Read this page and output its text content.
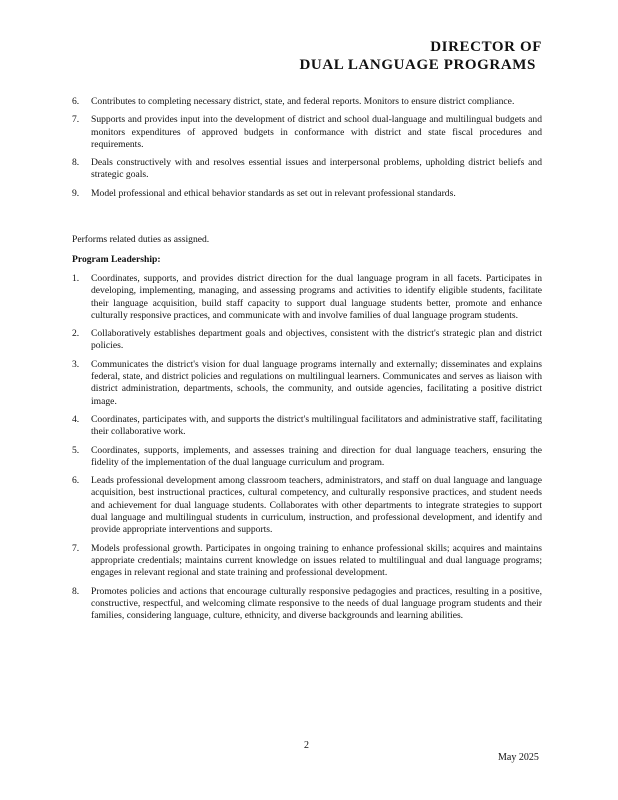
DIRECTOR OF
DUAL LANGUAGE PROGRAMS
6. Contributes to completing necessary district, state, and federal reports. Monitors to ensure district compliance.
7. Supports and provides input into the development of district and school dual-language and multilingual budgets and monitors expenditures of approved budgets in conformance with district and state fiscal procedures and requirements.
8. Deals constructively with and resolves essential issues and interpersonal problems, upholding district beliefs and strategic goals.
9. Model professional and ethical behavior standards as set out in relevant professional standards.

Performs related duties as assigned.

Program Leadership:

1. Coordinates, supports, and provides district direction for the dual language program in all facets. Participates in developing, implementing, managing, and assessing programs and activities to identify eligible students, facilitate their language acquisition, build staff capacity to support dual language students better, promote and enhance culturally responsive practices, and communicate with and involve families of dual language program students.
2. Collaboratively establishes department goals and objectives, consistent with the district's strategic plan and district policies.
3. Communicates the district's vision for dual language programs internally and externally; disseminates and explains federal, state, and district policies and regulations on multilingual learners. Communicates and serves as liaison with district administration, departments, schools, the community, and outside agencies, facilitating a positive district image.
4. Coordinates, participates with, and supports the district's multilingual facilitators and administrative staff, facilitating their collaborative work.
5. Coordinates, supports, implements, and assesses training and direction for dual language teachers, ensuring the fidelity of the implementation of the dual language curriculum and program.
6. Leads professional development among classroom teachers, administrators, and staff on dual language and language acquisition, best instructional practices, cultural competency, and culturally responsive practices, and student needs and achievement for dual language students. Collaborates with other departments to integrate strategies to support dual language and multilingual students in curriculum, instruction, and professional development, and identify and provide appropriate interventions and supports.
7. Models professional growth. Participates in ongoing training to enhance professional skills; acquires and maintains appropriate credentials; maintains current knowledge on issues related to multilingual and dual language programs; engages in relevant regional and state training and professional development.
8. Promotes policies and actions that encourage culturally responsive pedagogies and practices, resulting in a positive, constructive, respectful, and welcoming climate responsive to the needs of dual language program students and their families, considering language, culture, ethnicity, and diverse backgrounds and learning abilities.
2
May 2025
